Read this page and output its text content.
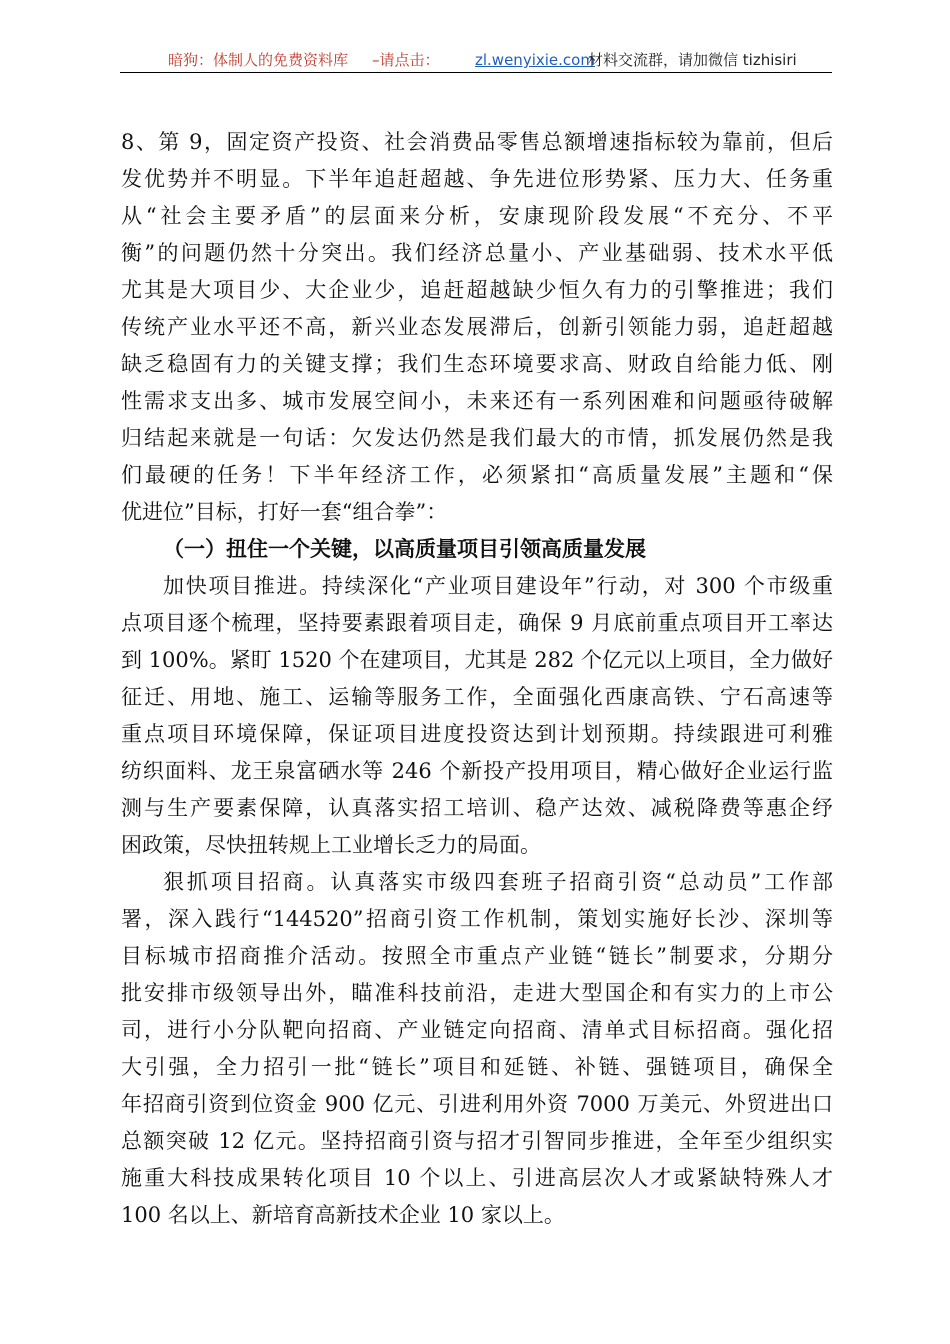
暗狗：体制人的免费资料库 –请点击： zl.wenyixie.com
材料交流群，请加微信 tizhisiri
8、第 9，固定资产投资、社会消费品零售总额增速指标较为靠前，但后
发优势并不明显。下半年追赶超越、争先进位形势紧、压力大、任务重
从“社会主要矛盾”的层面来分析，安康现阶段发展“不充分、不平
衡”的问题仍然十分突出。我们经济总量小、产业基础弱、技术水平低
尤其是大项目少、大企业少，追赶超越缺少恒久有力的引擎推进；我们
传统产业水平还不高，新兴业态发展滞后，创新引领能力弱，追赶超越
缺乏稳固有力的关键支撑；我们生态环境要求高、财政自给能力低、刚
性需求支出多、城市发展空间小，未来还有一系列困难和问题亟待破解
归结起来就是一句话：欠发达仍然是我们最大的市情，抓发展仍然是我
们最硬的任务！下半年经济工作，必须紧扣“高质量发展”主题和“保
优进位”目标，打好一套“组合拳”：
（一）扭住一个关键，以高质量项目引领高质量发展
加快项目推进。持续深化“产业项目建设年”行动，对 300 个市级重
点项目逐个梳理，坚持要素跟着项目走，确保 9 月底前重点项目开工率达
到 100%。紧盯 1520 个在建项目，尤其是 282 个亿元以上项目，全力做好
征迁、用地、施工、运输等服务工作，全面强化西康高铁、宁石高速等
重点项目环境保障，保证项目进度投资达到计划预期。持续跟进可利雅
纺织面料、龙王泉富硒水等 246 个新投产投用项目，精心做好企业运行监
测与生产要素保障，认真落实招工培训、稳产达效、减税降费等惠企纾
困政策，尽快扭转规上工业增长乏力的局面。
狠抓项目招商。认真落实市级四套班子招商引资“总动员”工作部
署，深入践行“144520”招商引资工作机制，策划实施好长沙、深圳等
目标城市招商推介活动。按照全市重点产业链“链长”制要求，分期分
批安排市级领导出外，瞄准科技前沿，走进大型国企和有实力的上市公
司，进行小分队靶向招商、产业链定向招商、清单式目标招商。强化招
大引强，全力招引一批“链长”项目和延链、补链、强链项目，确保全
年招商引资到位资金 900 亿元、引进利用外资 7000 万美元、外贸进出口
总额突破 12 亿元。坚持招商引资与招才引智同步推进，全年至少组织实
施重大科技成果转化项目 10 个以上、引进高层次人才或紧缺特殊人才
100 名以上、新培育高新技术企业 10 家以上。
